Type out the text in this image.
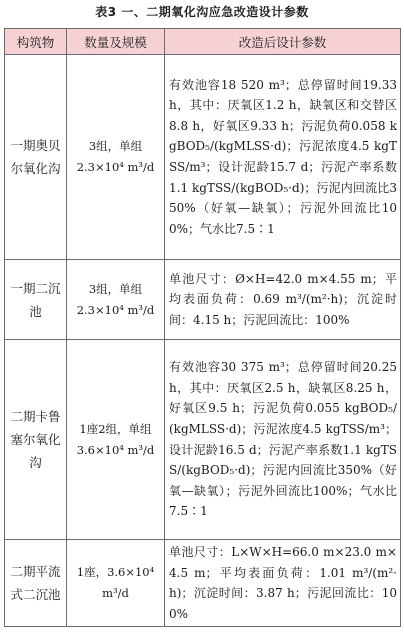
表3 一、二期氧化沟应急改造设计参数
构筑物	数量及规模	改造后设计参数
一期奥贝尔氧化沟	3组，单组2.3×10⁴ m³/d	有效池容18 520 m³；总停留时间19.33 h，其中：厌氧区1.2 h，缺氧区和交替区8.8 h，好氧区9.33 h；污泥负荷0.058 kgBOD₅/(kgMLSS·d)；污泥浓度4.5 kgTSS/m³；设计泥龄15.7 d；污泥产率系数1.1 kgTSS/(kgBOD₅·d)；污泥内回流比350%（好氧—缺氧）；污泥外回流比100%；气水比7.5∶1
一期二沉池	3组，单组2.3×10⁴ m³/d	单池尺寸：Ø×H=42.0 m×4.55 m；平均表面负荷：0.69 m³/(m²·h)；沉淀时间：4.15 h；污泥回流比：100%
二期卡鲁塞尔氧化沟	1座2组，单组3.6×10⁴ m³/d	有效池容30 375 m³；总停留时间20.25 h，其中：厌氧区2.5 h，缺氧区8.25 h，好氧区9.5 h；污泥负荷0.055 kgBOD₅/(kgMLSS·d)；污泥浓度4.5 kgTSS/m³；设计泥龄16.5 d；污泥产率系数1.1 kgTSS/(kgBOD₅·d)；污泥内回流比350%（好氧—缺氧）；污泥外回流比100%；气水比7.5∶1
二期平流式二沉池	1座，3.6×10⁴ m³/d	单池尺寸：L×W×H=66.0 m×23.0 m×4.5 m；平均表面负荷：1.01 m³/(m²·h)；沉淀时间：3.87 h；污泥回流比：100%
